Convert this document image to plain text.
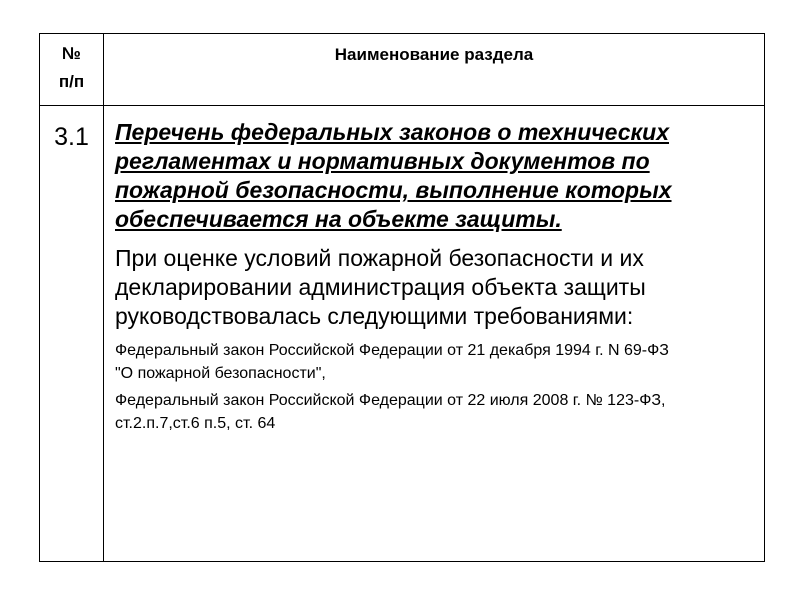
№
п/п	Наименование раздела
3.1	Перечень федеральных законов о технических регламентах и нормативных документов по пожарной безопасности, выполнение которых обеспечивается на объекте защиты.

При оценке условий пожарной безопасности и их декларировании администрация объекта защиты руководствовалась следующими требованиями:

Федеральный закон Российской Федерации от 21 декабря 1994 г. N 69-ФЗ
"О пожарной безопасности",

Федеральный закон Российской Федерации от 22 июля 2008 г. № 123-ФЗ, ст.2.п.7,ст.6 п.5, ст. 64
